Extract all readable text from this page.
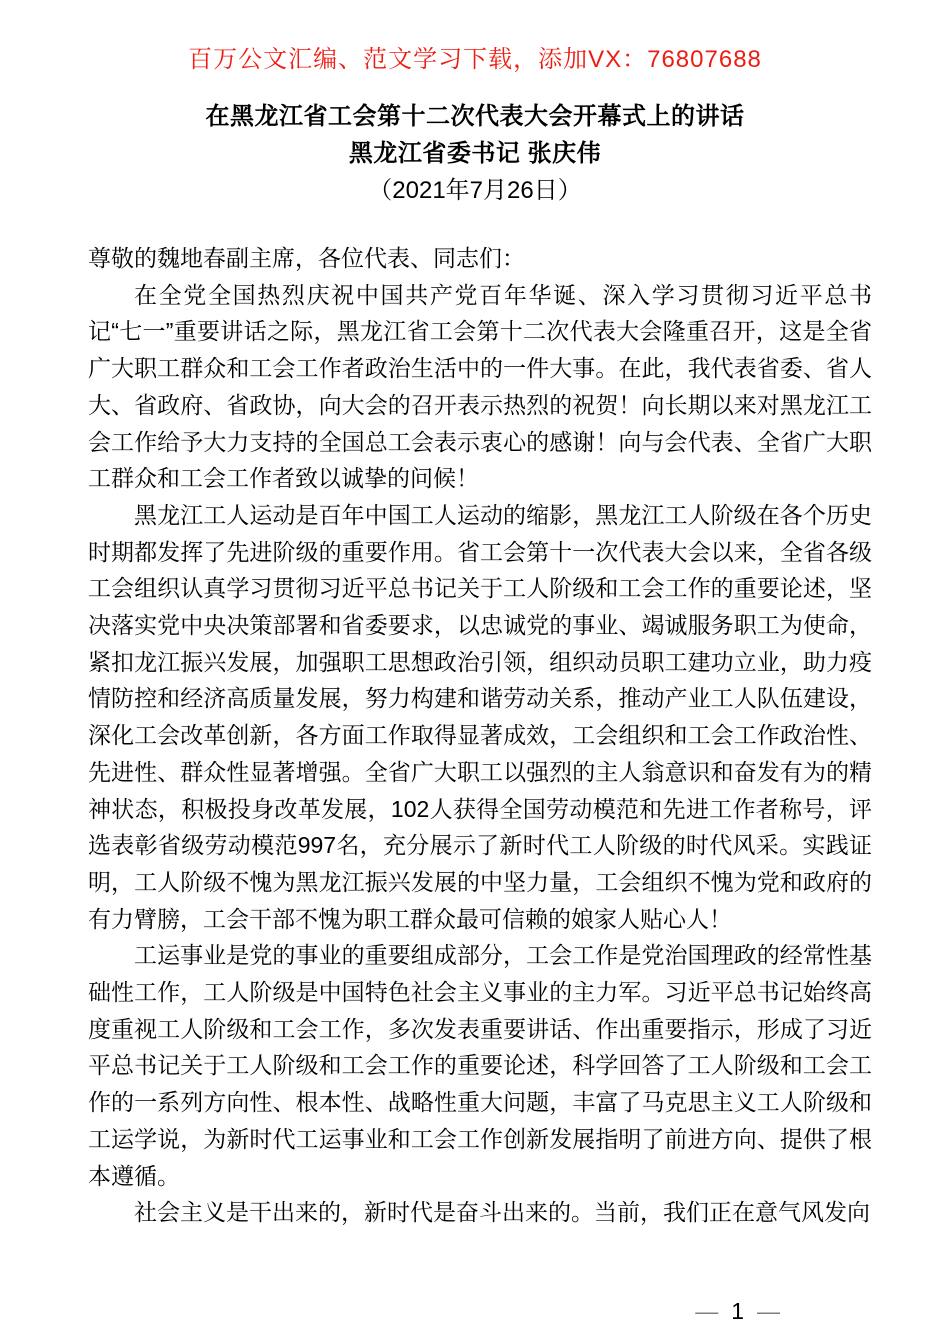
百万公文汇编、范文学习下载，添加VX：76807688
在黑龙江省工会第十二次代表大会开幕式上的讲话
黑龙江省委书记 张庆伟
（2021年7月26日）

尊敬的魏地春副主席，各位代表、同志们：

在全党全国热烈庆祝中国共产党百年华诞、深入学习贯彻习近平总书记“七一”重要讲话之际，黑龙江省工会第十二次代表大会隆重召开，这是全省广大职工群众和工会工作者政治生活中的一件大事。在此，我代表省委、省人大、省政府、省政协，向大会的召开表示热烈的祝贺！向长期以来对黑龙江工会工作给予大力支持的全国总工会表示衷心的感谢！向与会代表、全省广大职工群众和工会工作者致以诚挚的问候！

黑龙江工人运动是百年中国工人运动的缩影，黑龙江工人阶级在各个历史时期都发挥了先进阶级的重要作用。省工会第十一次代表大会以来，全省各级工会组织认真学习贯彻习近平总书记关于工人阶级和工会工作的重要论述，坚决落实党中央决策部署和省委要求，以忠诚党的事业、竭诚服务职工为使命，紧扣龙江振兴发展，加强职工思想政治引领，组织动员职工建功立业，助力疫情防控和经济高质量发展，努力构建和谐劳动关系，推动产业工人队伍建设，深化工会改革创新，各方面工作取得显著成效，工会组织和工会工作政治性、先进性、群众性显著增强。全省广大职工以强烈的主人翁意识和奋发有为的精神状态，积极投身改革发展，102人获得全国劳动模范和先进工作者称号，评选表彰省级劳动模范997名，充分展示了新时代工人阶级的时代风采。实践证明，工人阶级不愧为黑龙江振兴发展的中坚力量，工会组织不愧为党和政府的有力臂膀，工会干部不愧为职工群众最可信赖的娘家人贴心人！

工运事业是党的事业的重要组成部分，工会工作是党治国理政的经常性基础性工作，工人阶级是中国特色社会主义事业的主力军。习近平总书记始终高度重视工人阶级和工会工作，多次发表重要讲话、作出重要指示，形成了习近平总书记关于工人阶级和工会工作的重要论述，科学回答了工人阶级和工会工作的一系列方向性、根本性、战略性重大问题，丰富了马克思主义工人阶级和工运学说，为新时代工运事业和工会工作创新发展指明了前进方向、提供了根本遵循。

社会主义是干出来的，新时代是奋斗出来的。当前，我们正在意气风发向

— 1 —
